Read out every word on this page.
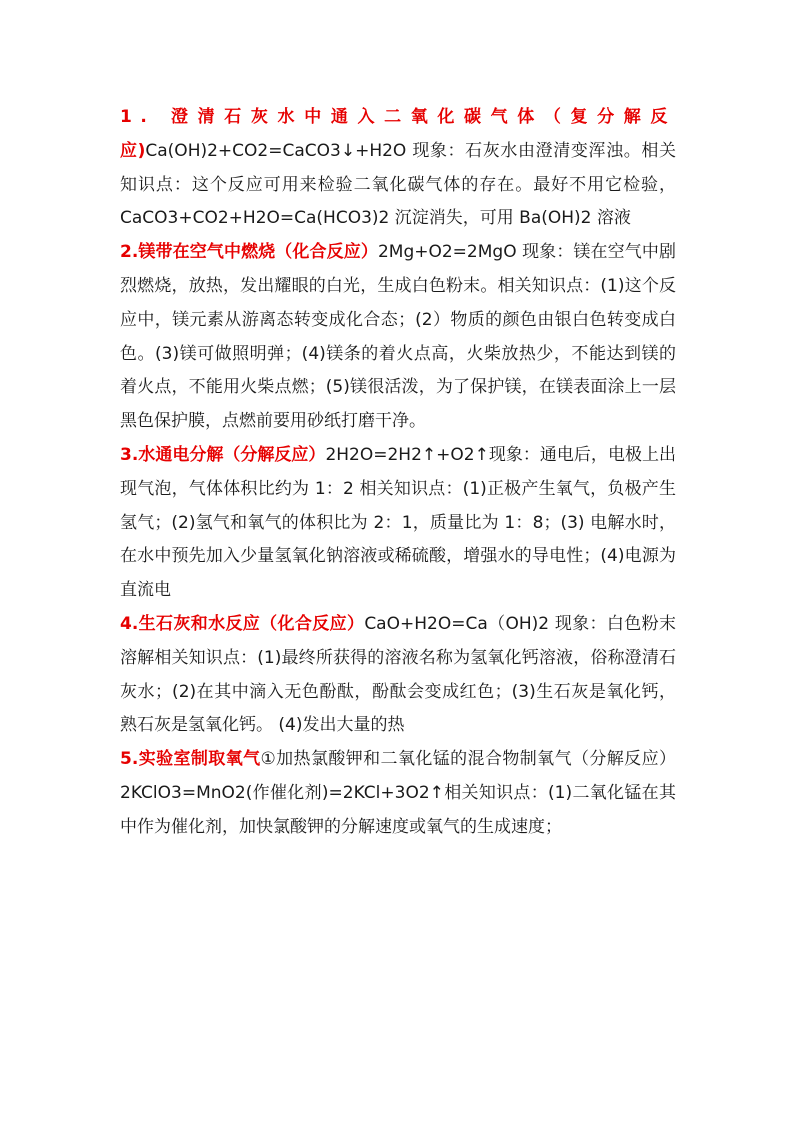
1. 澄清石灰水中通入二氧化碳气体（复分解反应)Ca(OH)2+CO2=CaCO3↓+H2O 现象：石灰水由澄清变浑浊。相关知识点：这个反应可用来检验二氧化碳气体的存在。最好不用它检验，CaCO3+CO2+H2O=Ca(HCO3)2 沉淀消失，可用 Ba(OH)2 溶液

2.镁带在空气中燃烧（化合反应）2Mg+O2=2MgO 现象：镁在空气中剧烈燃烧，放热，发出耀眼的白光，生成白色粉末。相关知识点：(1)这个反应中，镁元素从游离态转变成化合态；(2）物质的颜色由银白色转变成白色。(3)镁可做照明弹；(4)镁条的着火点高，火柴放热少，不能达到镁的着火点，不能用火柴点燃；(5)镁很活泼，为了保护镁，在镁表面涂上一层黑色保护膜，点燃前要用砂纸打磨干净。

3.水通电分解（分解反应）2H2O=2H2↑+O2↑现象：通电后，电极上出现气泡，气体体积比约为 1：2 相关知识点：(1)正极产生氧气，负极产生氢气；(2)氢气和氧气的体积比为 2：1，质量比为 1：8；(3) 电解水时，在水中预先加入少量氢氧化钠溶液或稀硫酸，增强水的导电性；(4)电源为直流电

4.生石灰和水反应（化合反应）CaO+H2O=Ca（OH)2 现象：白色粉末溶解相关知识点：(1)最终所获得的溶液名称为氢氧化钙溶液，俗称澄清石灰水；(2)在其中滴入无色酚酞，酚酞会变成红色；(3)生石灰是氧化钙，熟石灰是氢氧化钙。 (4)发出大量的热

5.实验室制取氧气①加热氯酸钾和二氧化锰的混合物制氧气（分解反应）2KClO3=MnO2(作催化剂)=2KCl+3O2↑相关知识点：(1)二氧化锰在其中作为催化剂，加快氯酸钾的分解速度或氧气的生成速度；
